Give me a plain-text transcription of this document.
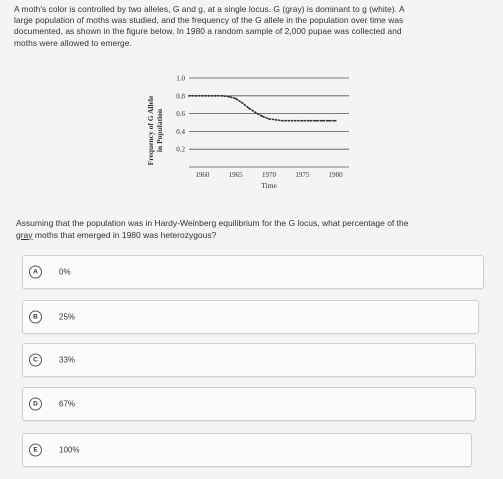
A moth's color is controlled by two alleles, G and g, at a single locus. G (gray) is dominant to g (white). A
large population of moths was studied, and the frequency of the G allele in the population over time was
documented, as shown in the figure below. In 1980 a random sample of 2,000 pupae was collected and
moths were allowed to emerge.
0.2
0.4
0.6
0.8
1.0
1960	1965	1970	1975	1980
Time
Frequency of G Allele in Population
Assuming that the population was in Hardy-Weinberg equilibrium for the G locus, what percentage of the
gray moths that emerged in 1980 was heterozygous?
A	0%
B	25%
C	33%
D	67%
E	100%
